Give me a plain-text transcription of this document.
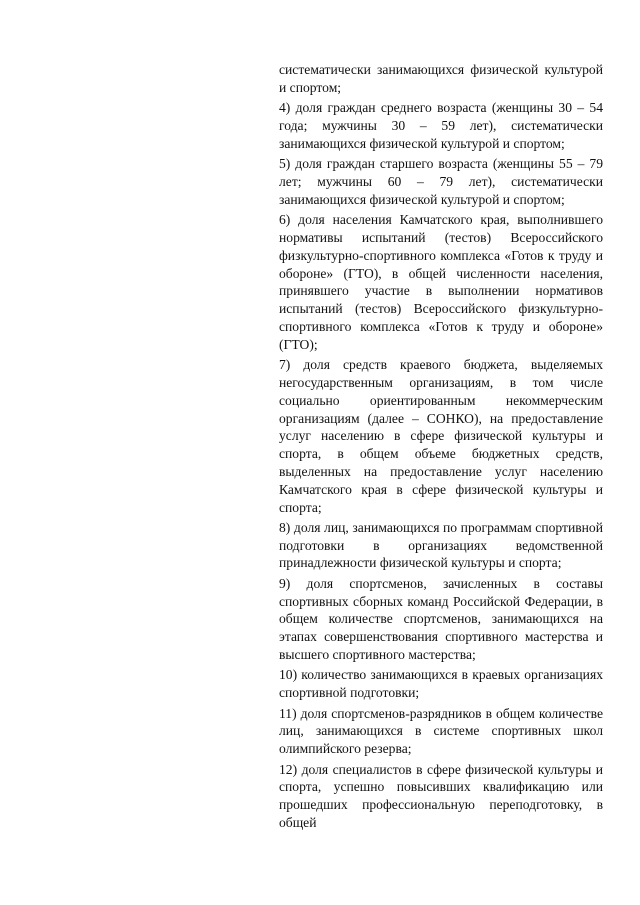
систематически занимающихся физической культурой и спортом;

4) доля граждан среднего возраста (женщины 30 – 54 года; мужчины 30 – 59 лет), систематически занимающихся физической культурой и спортом;

5) доля граждан старшего возраста (женщины 55 – 79 лет; мужчины 60 – 79 лет), систематически занимающихся физической культурой и спортом;

6) доля населения Камчатского края, выполнившего нормативы испытаний (тестов) Всероссийского физкультурно-спортивного комплекса «Готов к труду и обороне» (ГТО), в общей численности населения, принявшего участие в выполнении нормативов испытаний (тестов) Всероссийского физкультурно-спортивного комплекса «Готов к труду и обороне» (ГТО);

7) доля средств краевого бюджета, выделяемых негосударственным организациям, в том числе социально ориентированным некоммерческим организациям (далее – СОНКО), на предоставление услуг населению в сфере физической культуры и спорта, в общем объеме бюджетных средств, выделенных на предоставление услуг населению Камчатского края в сфере физической культуры и спорта;

8) доля лиц, занимающихся по программам спортивной подготовки в организациях ведомственной принадлежности физической культуры и спорта;

9) доля спортсменов, зачисленных в составы спортивных сборных команд Российской Федерации, в общем количестве спортсменов, занимающихся на этапах совершенствования спортивного мастерства и высшего спортивного мастерства;

10) количество занимающихся в краевых организациях спортивной подготовки;

11) доля спортсменов-разрядников в общем количестве лиц, занимающихся в системе спортивных школ олимпийского резерва;

12) доля специалистов в сфере физической культуры и спорта, успешно повысивших квалификацию или прошедших профессиональную переподготовку, в общей
